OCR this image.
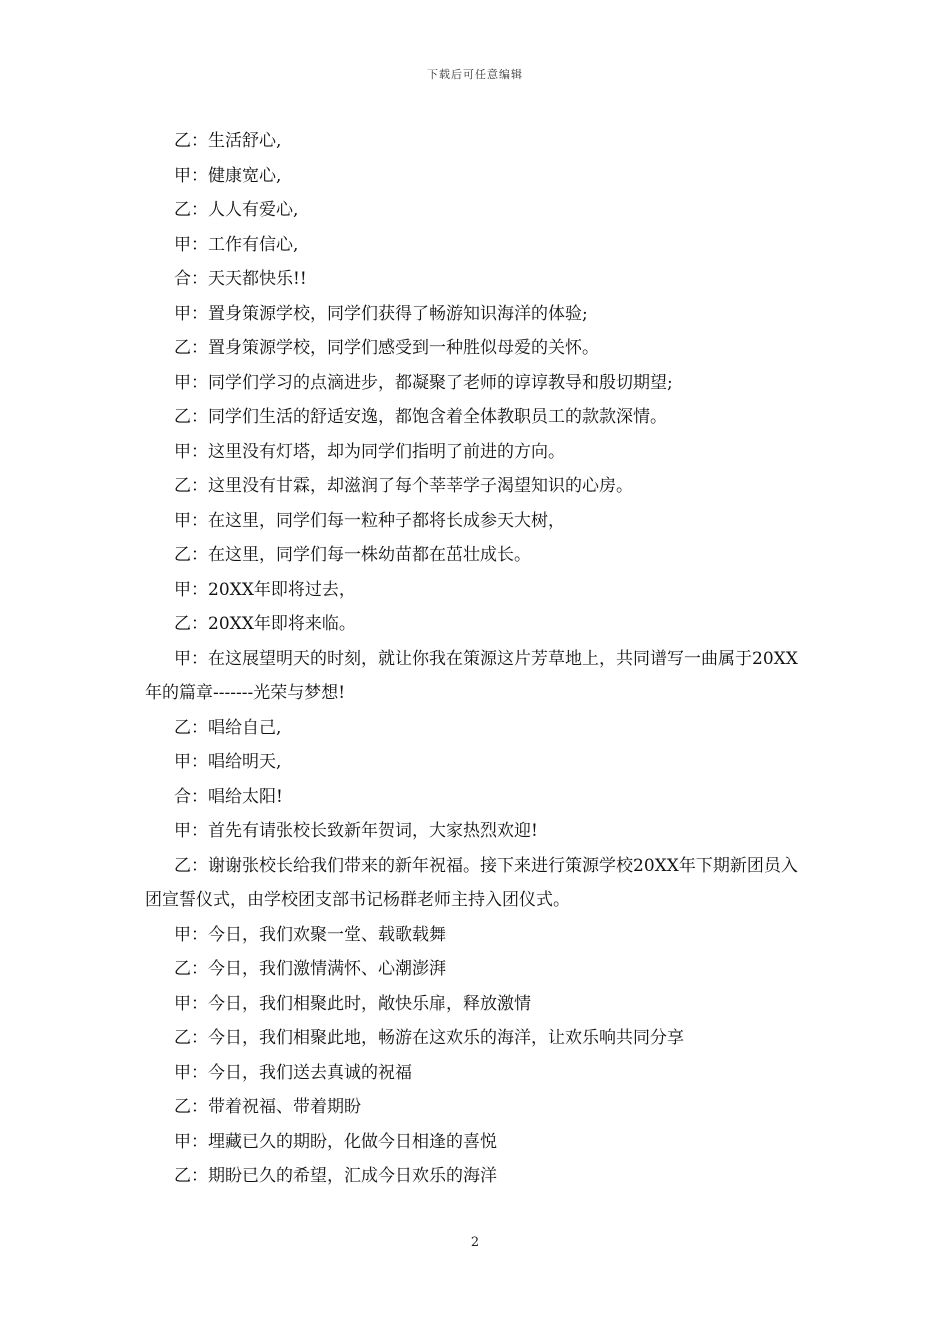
下载后可任意编辑

乙：生活舒心,

甲：健康宽心,

乙：人人有爱心,

甲：工作有信心,

合：天天都快乐!!

甲：置身策源学校，同学们获得了畅游知识海洋的体验;

乙：置身策源学校，同学们感受到一种胜似母爱的关怀。

甲：同学们学习的点滴进步，都凝聚了老师的谆谆教导和殷切期望;

乙：同学们生活的舒适安逸，都饱含着全体教职员工的款款深情。

甲：这里没有灯塔，却为同学们指明了前进的方向。

乙：这里没有甘霖，却滋润了每个莘莘学子渴望知识的心房。

甲：在这里，同学们每一粒种子都将长成参天大树，

乙：在这里，同学们每一株幼苗都在茁壮成长。

甲：20XX年即将过去，

乙：20XX年即将来临。

甲：在这展望明天的时刻，就让你我在策源这片芳草地上，共同谱写一曲属于20XX年的篇章-------光荣与梦想!

乙：唱给自己,

甲：唱给明天,

合：唱给太阳!

甲：首先有请张校长致新年贺词，大家热烈欢迎!

乙：谢谢张校长给我们带来的新年祝福。接下来进行策源学校20XX年下期新团员入团宣誓仪式，由学校团支部书记杨群老师主持入团仪式。

甲：今日，我们欢聚一堂、载歌载舞

乙：今日，我们激情满怀、心潮澎湃

甲：今日，我们相聚此时，敞快乐扉，释放激情

乙：今日，我们相聚此地，畅游在这欢乐的海洋，让欢乐响共同分享

甲：今日，我们送去真诚的祝福

乙：带着祝福、带着期盼

甲：埋藏已久的期盼，化做今日相逢的喜悦

乙：期盼已久的希望，汇成今日欢乐的海洋

2
